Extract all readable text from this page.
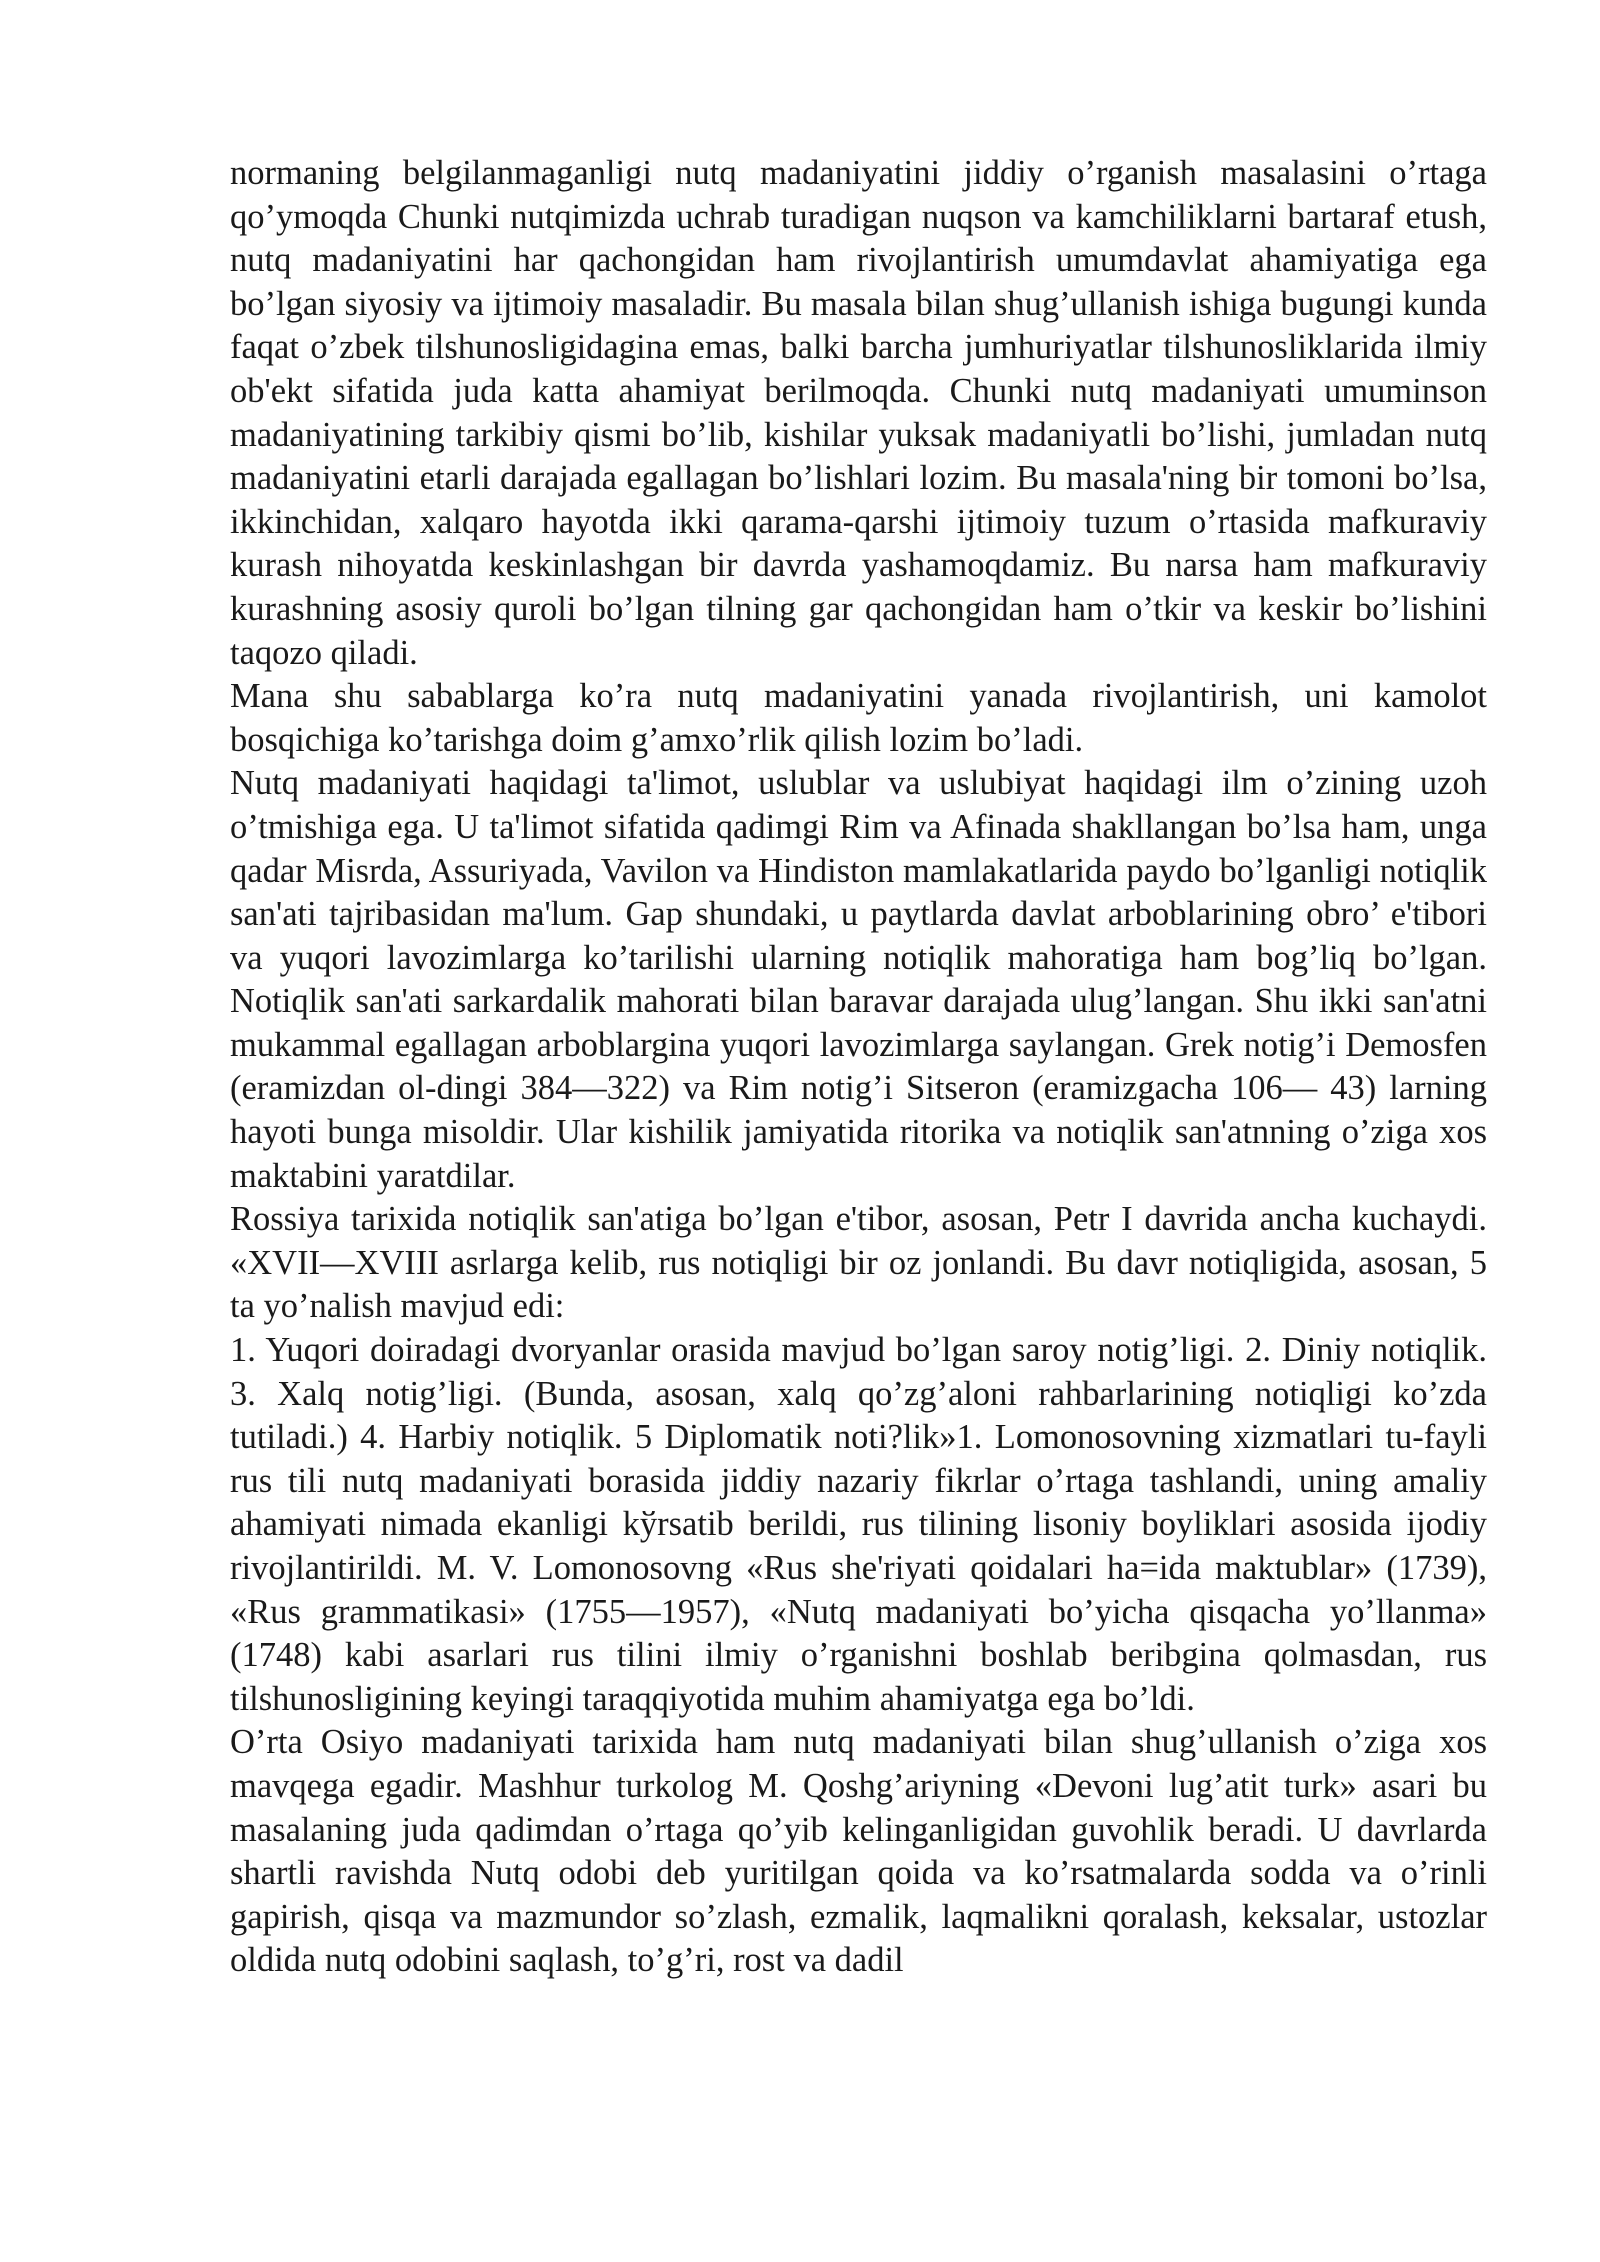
normaning belgilanmaganligi nutq madaniyatini jiddiy o’rganish masalasini o’rtaga qo’ymoqda Chunki nutqimizda uchrab turadigan nuqson va kamchiliklarni bartaraf etush, nutq madaniyatini har qachongidan ham rivojlantirish umumdavlat ahamiyatiga ega bo’lgan siyosiy va ijtimoiy masaladir. Bu masala bilan shug’ullanish ishiga bugungi kunda faqat o’zbek tilshunosligidagina emas, balki barcha jumhuriyatlar tilshunosliklarida ilmiy ob'ekt sifatida juda katta ahamiyat berilmoqda. Chunki nutq madaniyati umuminson madaniyatining tarkibiy qismi bo’lib, kishilar yuksak madaniyatli bo’lishi, jumladan nutq madaniyatini etarli darajada egallagan bo’lishlari lozim. Bu masala'ning bir tomoni bo’lsa, ikkinchidan, xalqaro hayotda ikki qarama-qarshi ijtimoiy tuzum o’rtasida mafkuraviy kurash nihoyatda keskinlashgan bir davrda yashamoqdamiz. Bu narsa ham mafkuraviy kurashning asosiy quroli bo’lgan tilning gar qachongidan ham o’tkir va keskir bo’lishini taqozo qiladi.

Mana shu sabablarga ko’ra nutq madaniyatini yanada rivojlantirish, uni kamolot bosqichiga ko’tarishga doim g’amxo’rlik qilish lozim bo’ladi.

Nutq madaniyati haqidagi ta'limot, uslublar va uslubiyat haqidagi ilm o’zining uzoh o’tmishiga ega. U ta'limot sifatida qadimgi Rim va Afinada shakllangan bo’lsa ham, unga qadar Misrda, Assuriyada, Vavilon va Hindiston mamlakatlarida paydo bo’lganligi notiqlik san'ati tajribasidan ma'lum. Gap shundaki, u paytlarda davlat arboblarining obro’ e'tibori va yuqori lavozimlarga ko’tarilishi ularning notiqlik mahoratiga ham bog’liq bo’lgan. Notiqlik san'ati sarkardalik mahorati bilan baravar darajada ulug’langan. Shu ikki san'atni mukammal egallagan arboblargina yuqori lavozimlarga saylangan. Grek notig’i Demosfen (eramizdan ol-dingi 384—322) va Rim notig’i Sitseron (eramizgacha 106— 43) larning hayoti bunga misoldir. Ular kishilik jamiyatida ritorika va notiqlik san'atnning o’ziga xos maktabini yaratdilar.

Rossiya tarixida notiqlik san'atiga bo’lgan e'tibor, asosan, Petr I davrida ancha kuchaydi. «XVII—XVIII asrlarga kelib, rus notiqligi bir oz jonlandi. Bu davr notiqligida, asosan, 5 ta yo’nalish mavjud edi:

1. Yuqori doiradagi dvoryanlar orasida mavjud bo’lgan saroy notig’ligi. 2. Diniy notiqlik. 3. Xalq notig’ligi. (Bunda, asosan, xalq qo’zg’aloni rahbarlarining notiqligi ko’zda tutiladi.) 4. Harbiy notiqlik. 5 Diplomatik noti?lik»1. Lomonosovning xizmatlari tu-fayli rus tili nutq madaniyati borasida jiddiy nazariy fikrlar o’rtaga tashlandi, uning amaliy ahamiyati nimada ekanligi kўrsatib berildi, rus tilining lisoniy boyliklari asosida ijodiy rivojlantirildi. M. V. Lomonosovng «Rus she'riyati qoidalari ha=ida maktublar» (1739), «Rus grammatikasi» (1755—1957), «Nutq madaniyati bo’yicha qisqacha yo’llanma» (1748) kabi asarlari rus tilini ilmiy o’rganishni boshlab beribgina qolmasdan, rus tilshunosligining keyingi taraqqiyotida muhim ahamiyatga ega bo’ldi.

O’rta Osiyo madaniyati tarixida ham nutq madaniyati bilan shug’ullanish o’ziga xos mavqega egadir. Mashhur turkolog M. Qoshg’ariyning «Devoni lug’atit turk» asari bu masalaning juda qadimdan o’rtaga qo’yib kelinganligidan guvohlik beradi. U davrlarda shartli ravishda Nutq odobi deb yuritilgan qoida va ko’rsatmalarda sodda va o’rinli gapirish, qisqa va mazmundor so’zlash, ezmalik, laqmalikni qoralash, keksalar, ustozlar oldida nutq odobini saqlash, to’g’ri, rost va dadil
